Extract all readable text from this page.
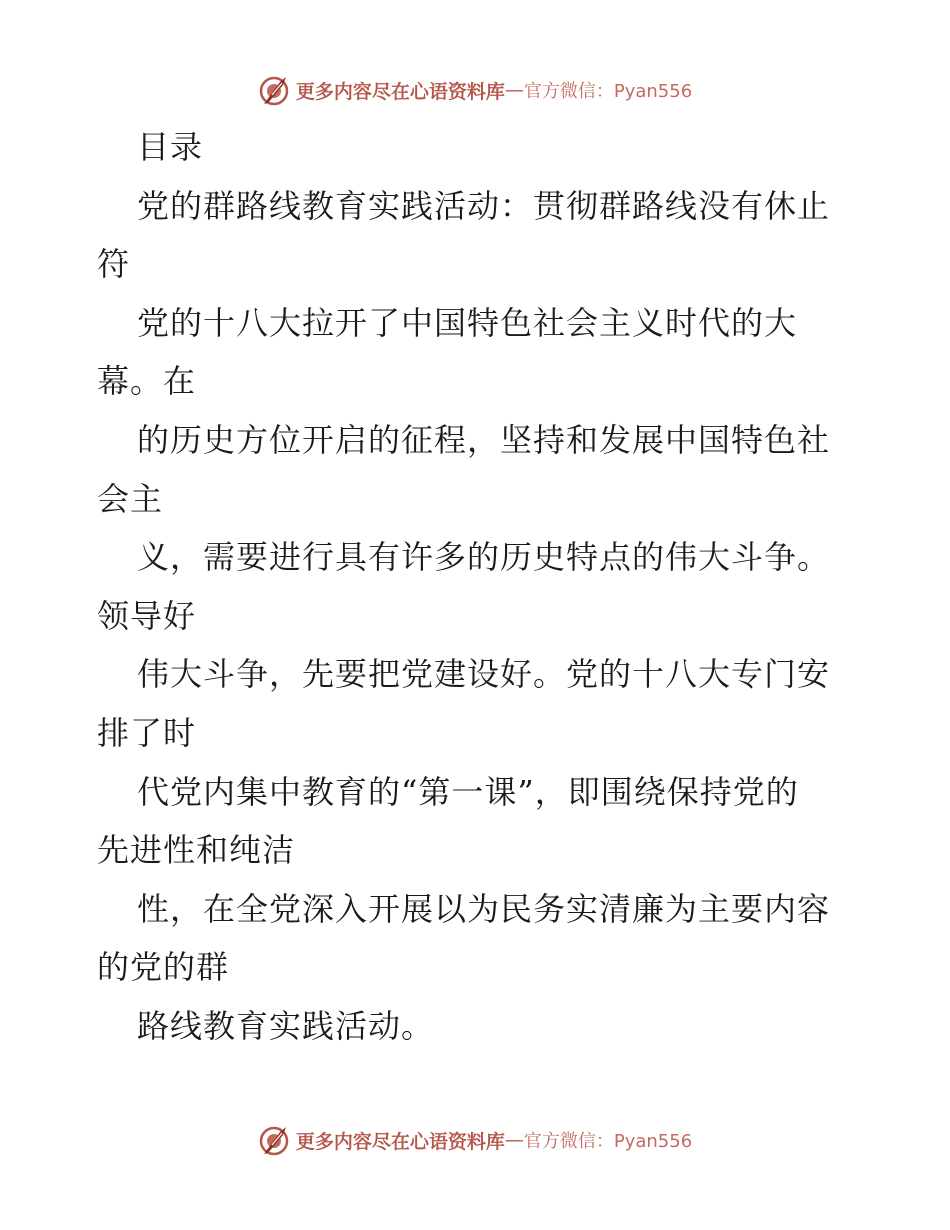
更多内容尽在心语资料库 — 官方微信：Pyan556
目录
党的群路线教育实践活动：贯彻群路线没有休止
符
党的十八大拉开了中国特色社会主义时代的大
幕。在
的历史方位开启的征程，坚持和发展中国特色社
会主
义，需要进行具有许多的历史特点的伟大斗争。
领导好
伟大斗争，先要把党建设好。党的十八大专门安
排了时
代党内集中教育的“第一课”，即围绕保持党的
先进性和纯洁
性，在全党深入开展以为民务实清廉为主要内容
的党的群
路线教育实践活动。
更多内容尽在心语资料库 — 官方微信：Pyan556
